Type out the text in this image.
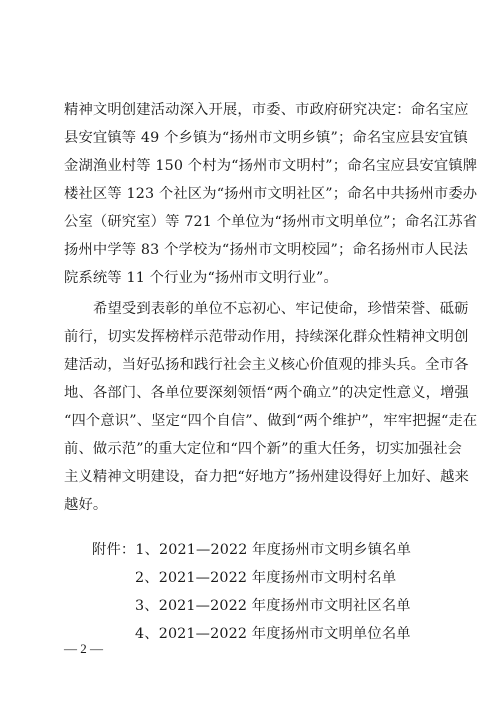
精神文明创建活动深入开展，市委、市政府研究决定：命名宝应
县安宜镇等 49 个乡镇为“扬州市文明乡镇”；命名宝应县安宜镇
金湖渔业村等 150 个村为“扬州市文明村”；命名宝应县安宜镇牌
楼社区等 123 个社区为“扬州市文明社区”；命名中共扬州市委办
公室（研究室）等 721 个单位为“扬州市文明单位”；命名江苏省
扬州中学等 83 个学校为“扬州市文明校园”；命名扬州市人民法
院系统等 11 个行业为“扬州市文明行业”。
希望受到表彰的单位不忘初心、牢记使命，珍惜荣誉、砥砺
前行，切实发挥榜样示范带动作用，持续深化群众性精神文明创
建活动，当好弘扬和践行社会主义核心价值观的排头兵。全市各
地、各部门、各单位要深刻领悟“两个确立”的决定性意义，增强
“四个意识”、坚定“四个自信”、做到“两个维护”，牢牢把握“走在
前、做示范”的重大定位和“四个新”的重大任务，切实加强社会
主义精神文明建设，奋力把“好地方”扬州建设得好上加好、越来
越好。
附件：1、2021—2022 年度扬州市文明乡镇名单
2、2021—2022 年度扬州市文明村名单
3、2021—2022 年度扬州市文明社区名单
4、2021—2022 年度扬州市文明单位名单
— 2 —
